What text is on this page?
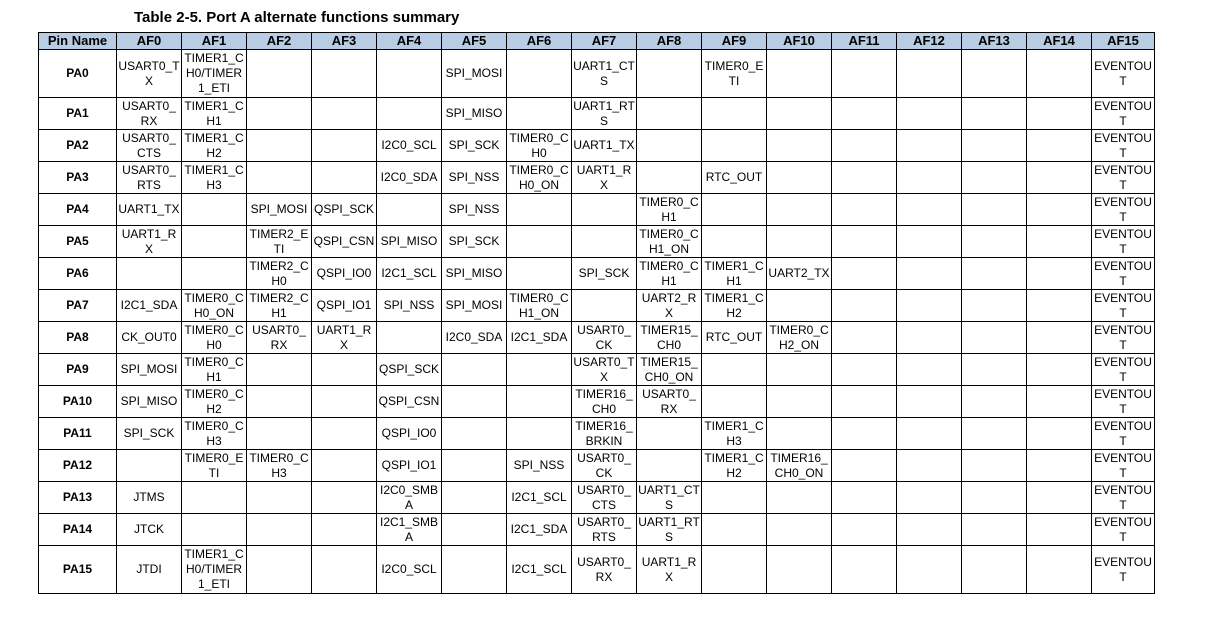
Table 2-5. Port A alternate functions summary
Pin Name	AF0	AF1	AF2	AF3	AF4	AF5	AF6	AF7	AF8	AF9	AF10	AF11	AF12	AF13	AF14	AF15
PA0	USART0_TX	TIMER1_CH0/TIMER1_ETI				SPI_MOSI		UART1_CTS		TIMER0_ETI						EVENTOUT
PA1	USART0_RX	TIMER1_CH1				SPI_MISO		UART1_RTS								EVENTOUT
PA2	USART0_CTS	TIMER1_CH2			I2C0_SCL	SPI_SCK	TIMER0_CH0	UART1_TX								EVENTOUT
PA3	USART0_RTS	TIMER1_CH3			I2C0_SDA	SPI_NSS	TIMER0_CH0_ON	UART1_RX		RTC_OUT						EVENTOUT
PA4	UART1_TX		SPI_MOSI	QSPI_SCK		SPI_NSS			TIMER0_CH1							EVENTOUT
PA5	UART1_RX		TIMER2_ETI	QSPI_CSN	SPI_MISO	SPI_SCK			TIMER0_CH1_ON							EVENTOUT
PA6			TIMER2_CH0	QSPI_IO0	I2C1_SCL	SPI_MISO		SPI_SCK	TIMER0_CH1	TIMER1_CH1	UART2_TX					EVENTOUT
PA7	I2C1_SDA	TIMER0_CH0_ON	TIMER2_CH1	QSPI_IO1	SPI_NSS	SPI_MOSI	TIMER0_CH1_ON		UART2_RX	TIMER1_CH2						EVENTOUT
PA8	CK_OUT0	TIMER0_CH0	USART0_RX	UART1_RX		I2C0_SDA	I2C1_SDA	USART0_CK	TIMER15_CH0	RTC_OUT	TIMER0_CH2_ON					EVENTOUT
PA9	SPI_MOSI	TIMER0_CH1			QSPI_SCK			USART0_TX	TIMER15_CH0_ON							EVENTOUT
PA10	SPI_MISO	TIMER0_CH2			QSPI_CSN			TIMER16_CH0	USART0_RX							EVENTOUT
PA11	SPI_SCK	TIMER0_CH3			QSPI_IO0			TIMER16_BRKIN		TIMER1_CH3						EVENTOUT
PA12		TIMER0_ETI	TIMER0_CH3		QSPI_IO1		SPI_NSS	USART0_CK		TIMER1_CH2	TIMER16_CH0_ON					EVENTOUT
PA13	JTMS				I2C0_SMBA		I2C1_SCL	USART0_CTS	UART1_CTS							EVENTOUT
PA14	JTCK				I2C1_SMBA		I2C1_SDA	USART0_RTS	UART1_RTS							EVENTOUT
PA15	JTDI	TIMER1_CH0/TIMER1_ETI			I2C0_SCL		I2C1_SCL	USART0_RX	UART1_RX							EVENTOUT
